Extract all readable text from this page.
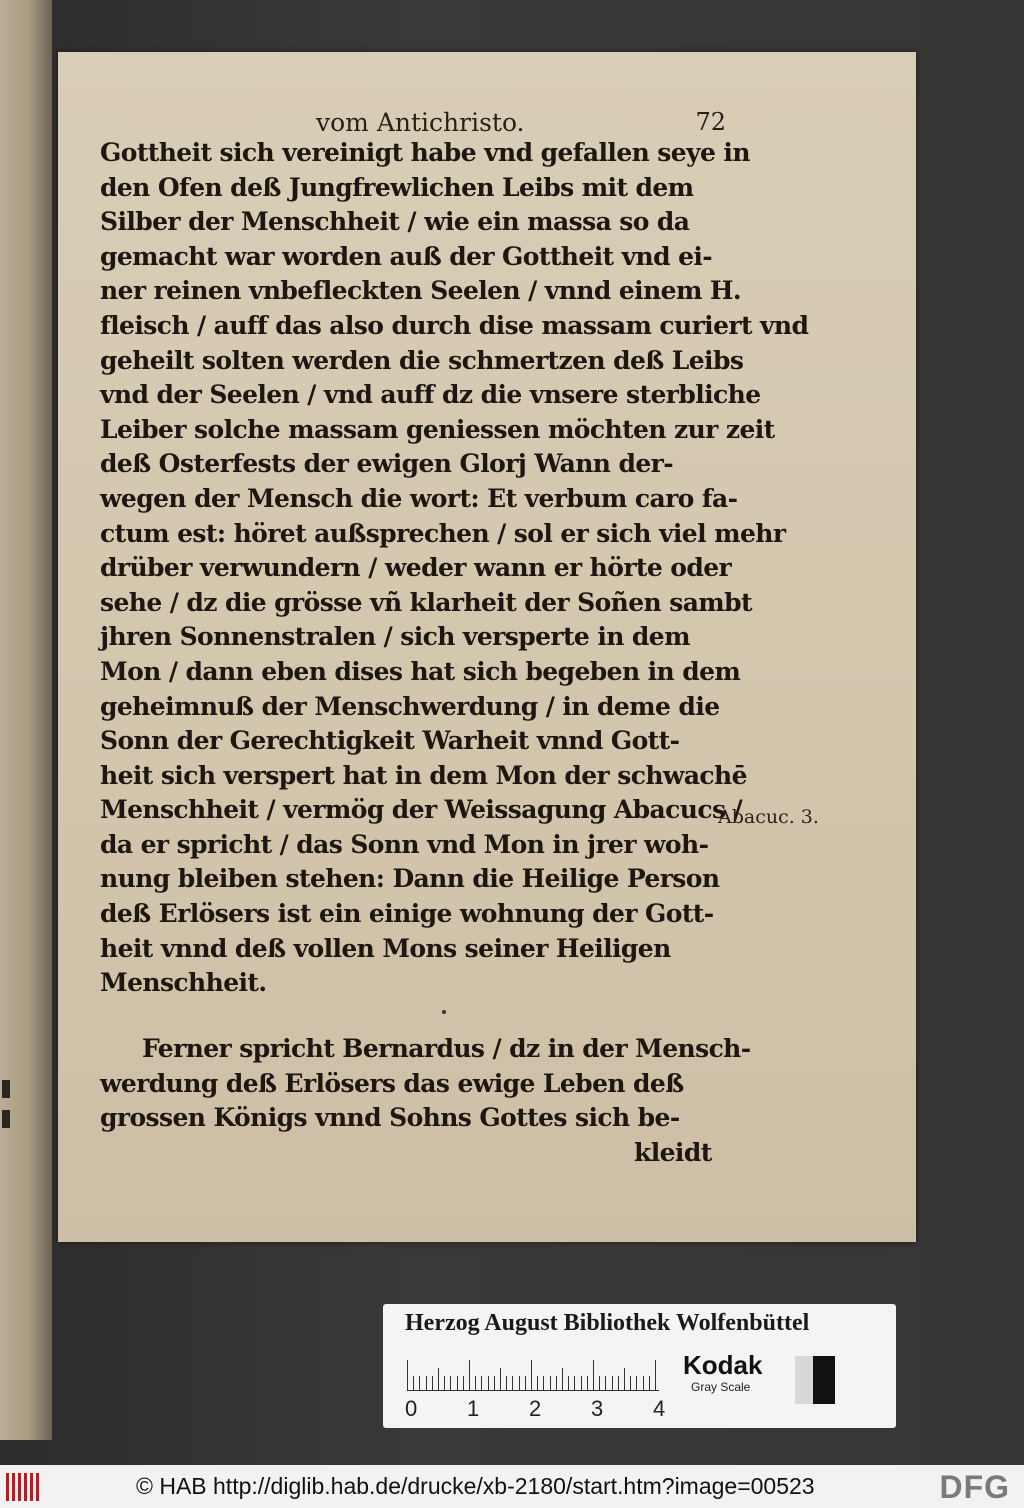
vom Antichristo.	72
Gottheit sich vereinigt habe vnd gefallen seye in
den Ofen deß Jungfrewlichen Leibs mit dem
Silber der Menschheit / wie ein massa so da
gemacht war worden auß der Gottheit vnd ei-
ner reinen vnbefleckten Seelen / vnnd einem H.
fleisch / auff das also durch dise massam curiert vnd
geheilt solten werden die schmertzen deß Leibs
vnd der Seelen / vnd auff dz die vnsere sterbliche
Leiber solche massam geniessen möchten zur zeit
deß Osterfests der ewigen Glorj Wann der-
wegen der Mensch die wort: Et verbum caro fa-
ctum est: höret außsprechen / sol er sich viel mehr
drüber verwundern / weder wann er hörte oder
sehe / dz die grösse vñ klarheit der Soñen sambt
jhren Sonnenstralen / sich versperte in dem
Mon / dann eben dises hat sich begeben in dem
geheimnuß der Menschwerdung / in deme die
Sonn der Gerechtigkeit Warheit vnnd Gott-
heit sich verspert hat in dem Mon der schwachē
Menschheit / vermög der Weissagung Abacucs /
da er spricht / das Sonn vnd Mon in jrer woh-
nung bleiben stehen: Dann die Heilige Person
deß Erlösers ist ein einige wohnung der Gott-
heit vnnd deß vollen Mons seiner Heiligen
Menschheit.
Abacuc. 3.
Ferner spricht Bernardus / dz in der Mensch-
werdung deß Erlösers das ewige Leben deß
grossen Königs vnnd Sohns Gottes sich be-
kleidt
Herzog August Bibliothek Wolfenbüttel
0 1 2 3 4
Kodak
Gray Scale
© HAB http://diglib.hab.de/drucke/xb-2180/start.htm?image=00523	DFG
